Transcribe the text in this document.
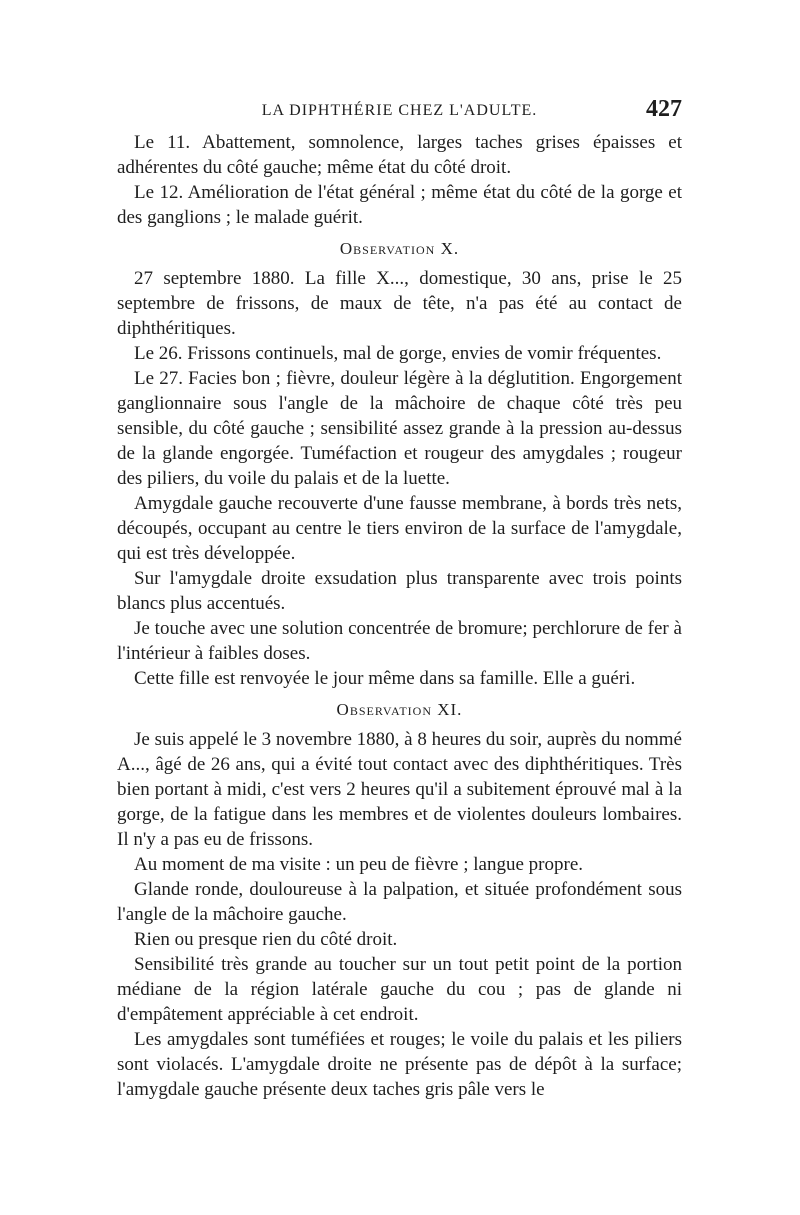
LA DIPHTHÉRIE CHEZ L'ADULTE.	427

Le 11. Abattement, somnolence, larges taches grises épaisses et adhérentes du côté gauche; même état du côté droit.

Le 12. Amélioration de l'état général ; même état du côté de la gorge et des ganglions ; le malade guérit.

Observation X.

27 septembre 1880. La fille X..., domestique, 30 ans, prise le 25 septembre de frissons, de maux de tête, n'a pas été au contact de diphthéritiques.

Le 26. Frissons continuels, mal de gorge, envies de vomir fréquentes.

Le 27. Facies bon ; fièvre, douleur légère à la déglutition. Engorgement ganglionnaire sous l'angle de la mâchoire de chaque côté très peu sensible, du côté gauche ; sensibilité assez grande à la pression au-dessus de la glande engorgée. Tuméfaction et rougeur des amygdales ; rougeur des piliers, du voile du palais et de la luette.

Amygdale gauche recouverte d'une fausse membrane, à bords très nets, découpés, occupant au centre le tiers environ de la surface de l'amygdale, qui est très développée.

Sur l'amygdale droite exsudation plus transparente avec trois points blancs plus accentués.

Je touche avec une solution concentrée de bromure; perchlorure de fer à l'intérieur à faibles doses.

Cette fille est renvoyée le jour même dans sa famille. Elle a guéri.

Observation XI.

Je suis appelé le 3 novembre 1880, à 8 heures du soir, auprès du nommé A..., âgé de 26 ans, qui a évité tout contact avec des diphthéritiques. Très bien portant à midi, c'est vers 2 heures qu'il a subitement éprouvé mal à la gorge, de la fatigue dans les membres et de violentes douleurs lombaires. Il n'y a pas eu de frissons.

Au moment de ma visite : un peu de fièvre ; langue propre.

Glande ronde, douloureuse à la palpation, et située profondément sous l'angle de la mâchoire gauche.

Rien ou presque rien du côté droit.

Sensibilité très grande au toucher sur un tout petit point de la portion médiane de la région latérale gauche du cou ; pas de glande ni d'empâtement appréciable à cet endroit.

Les amygdales sont tuméfiées et rouges; le voile du palais et les piliers sont violacés. L'amygdale droite ne présente pas de dépôt à la surface; l'amygdale gauche présente deux taches gris pâle vers le
